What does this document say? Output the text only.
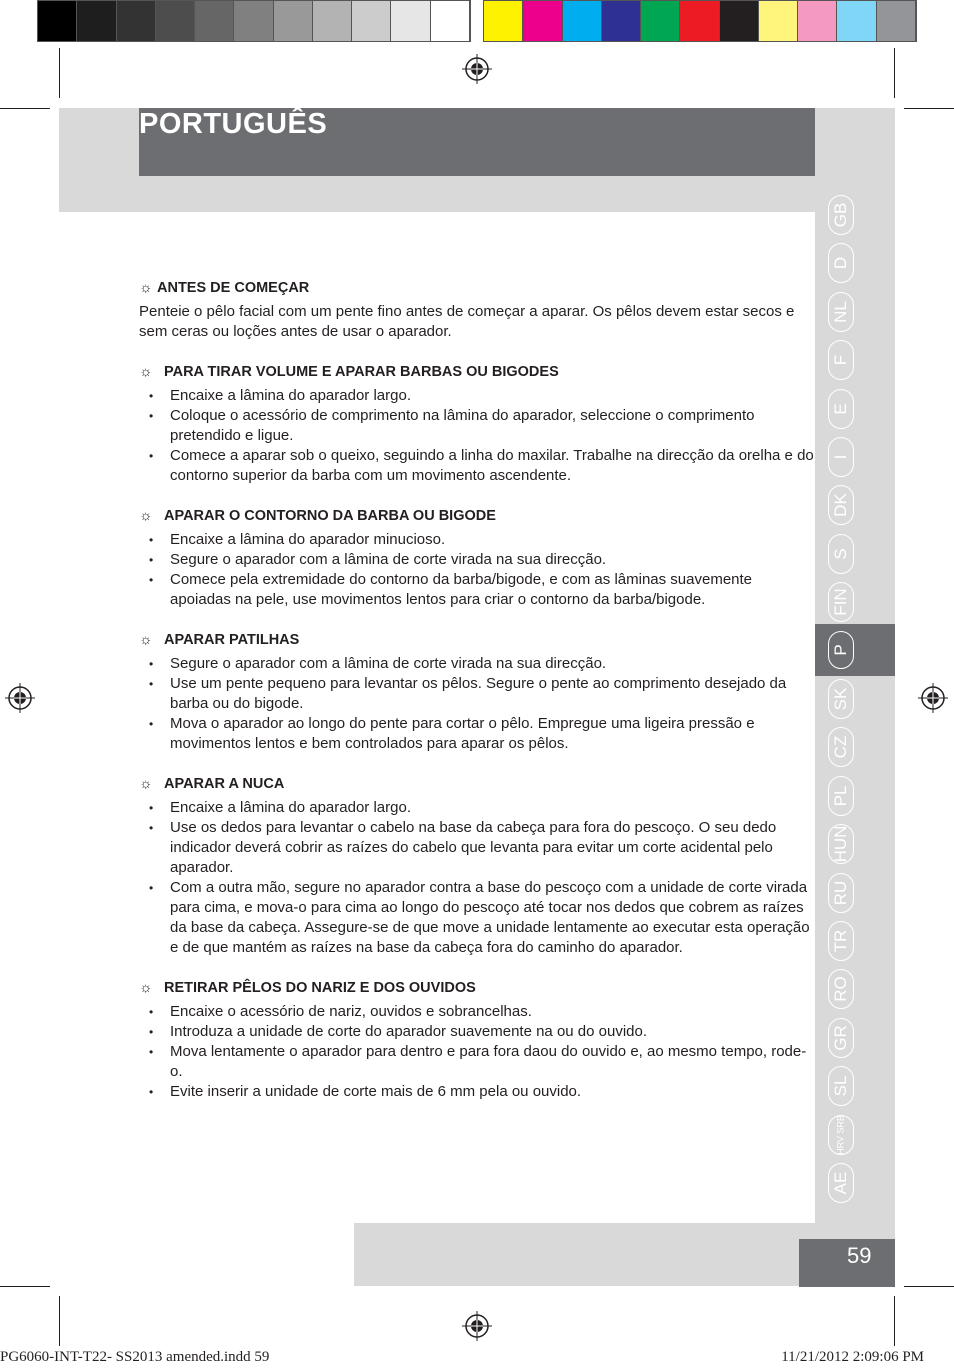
PORTUGUÊS
GB
D
NL
F
E
I
DK
S
FIN
P
SK
CZ
PL
HUN
RU
TR
RO
GR
SL
HRV SRB
AE
59
☼ ANTES DE COMEÇAR

Penteie o pêlo facial com um pente fino antes de começar a aparar. Os pêlos devem estar secos e sem ceras ou loções antes de usar o aparador.

☼ PARA TIRAR VOLUME E APARAR BARBAS OU BIGODES
• Encaixe a lâmina do aparador largo.
• Coloque o acessório de comprimento na lâmina do aparador, seleccione o comprimento pretendido e ligue.
• Comece a aparar sob o queixo, seguindo a linha do maxilar. Trabalhe na direcção da orelha e do contorno superior da barba com um movimento ascendente.
☼ APARAR O CONTORNO DA BARBA OU BIGODE
• Encaixe a lâmina do aparador minucioso.
• Segure o aparador com a lâmina de corte virada na sua direcção.
• Comece pela extremidade do contorno da barba/bigode, e com as lâminas suavemente apoiadas na pele, use movimentos lentos para criar o contorno da barba/bigode.
☼ APARAR PATILHAS
• Segure o aparador com a lâmina de corte virada na sua direcção.
• Use um pente pequeno para levantar os pêlos. Segure o pente ao comprimento desejado da barba ou do bigode.
• Mova o aparador ao longo do pente para cortar o pêlo. Empregue uma ligeira pressão e movimentos lentos e bem controlados para aparar os pêlos.
☼ APARAR A NUCA
• Encaixe a lâmina do aparador largo.
• Use os dedos para levantar o cabelo na base da cabeça para fora do pescoço. O seu dedo indicador deverá cobrir as raízes do cabelo que levanta para evitar um corte acidental pelo aparador.
• Com a outra mão, segure no aparador contra a base do pescoço com a unidade de corte virada para cima, e mova-o para cima ao longo do pescoço até tocar nos dedos que cobrem as raízes da base da cabeça. Assegure-se de que move a unidade lentamente ao executar esta operação e de que mantém as raízes na base da cabeça fora do caminho do aparador.
☼ RETIRAR PÊLOS DO NARIZ E DOS OUVIDOS
• Encaixe o acessório de nariz, ouvidos e sobrancelhas.
• Introduza a unidade de corte do aparador suavemente na ou do ouvido.
• Mova lentamente o aparador para dentro e para fora daou do ouvido e, ao mesmo tempo, rode-o.
• Evite inserir a unidade de corte mais de 6 mm pela ou ouvido.
PG6060-INT-T22- SS2013 amended.indd 59	11/21/2012 2:09:06 PM
